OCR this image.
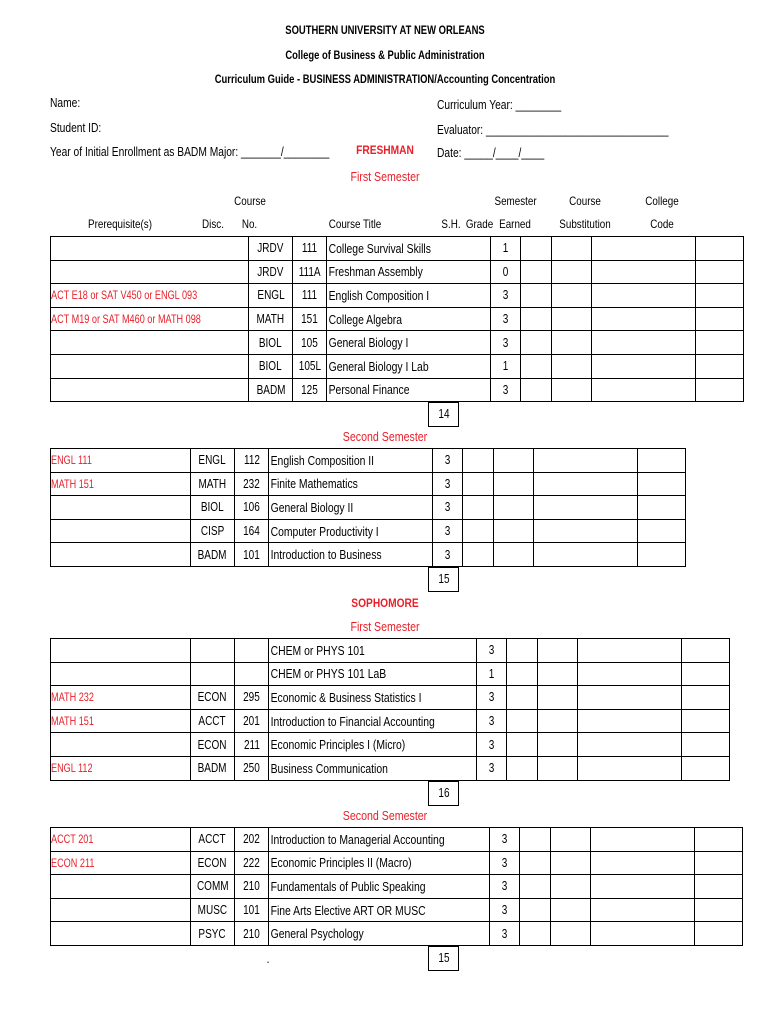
SOUTHERN UNIVERSITY AT NEW ORLEANS
College of Business & Public Administration
Curriculum Guide - BUSINESS ADMINISTRATION/Accounting Concentration
Name:
Student ID:
Year of Initial Enrollment as BADM Major: _______/________
Curriculum Year: ________
Evaluator: ________________________________
Date: _____/____/____
FRESHMAN
First Semester
Course	Semester	Course	College
Prerequisite(s)	Disc.	No.	Course Title	S.H. Grade Earned Substitution	Code
	JRDV	111	College Survival Skills	1				
	JRDV	111A	Freshman Assembly	0				
ACT E18 or SAT V450 or ENGL 093	ENGL	111	English Composition I	3				
ACT M19 or SAT M460 or MATH 098	MATH	151	College Algebra	3				
	BIOL	105	General Biology I	3				
	BIOL	105L	General Biology I Lab	1				
	BADM	125	Personal Finance	3				
				14				
Second Semester
ENGL 111	ENGL	112	English Composition II	3				
MATH 151	MATH	232	Finite Mathematics	3				
	BIOL	106	General Biology II	3				
	CISP	164	Computer Productivity I	3				
	BADM	101	Introduction to Business	3				
				15				
SOPHOMORE
First Semester
			CHEM or PHYS 101	3				
			CHEM or PHYS 101 LaB	1				
MATH 232	ECON	295	Economic & Business Statistics I	3				
MATH 151	ACCT	201	Introduction to Financial Accounting	3				
	ECON	211	Economic Principles I (Micro)	3				
ENGL 112	BADM	250	Business Communication	3				
				16				
Second Semester
ACCT 201	ACCT	202	Introduction to Managerial Accounting	3				
ECON 211	ECON	222	Economic Principles II (Macro)	3				
	COMM	210	Fundamentals of Public Speaking	3				
	MUSC	101	Fine Arts Elective ART OR MUSC	3				
	PSYC	210	General Psychology	3				
			.	15				
